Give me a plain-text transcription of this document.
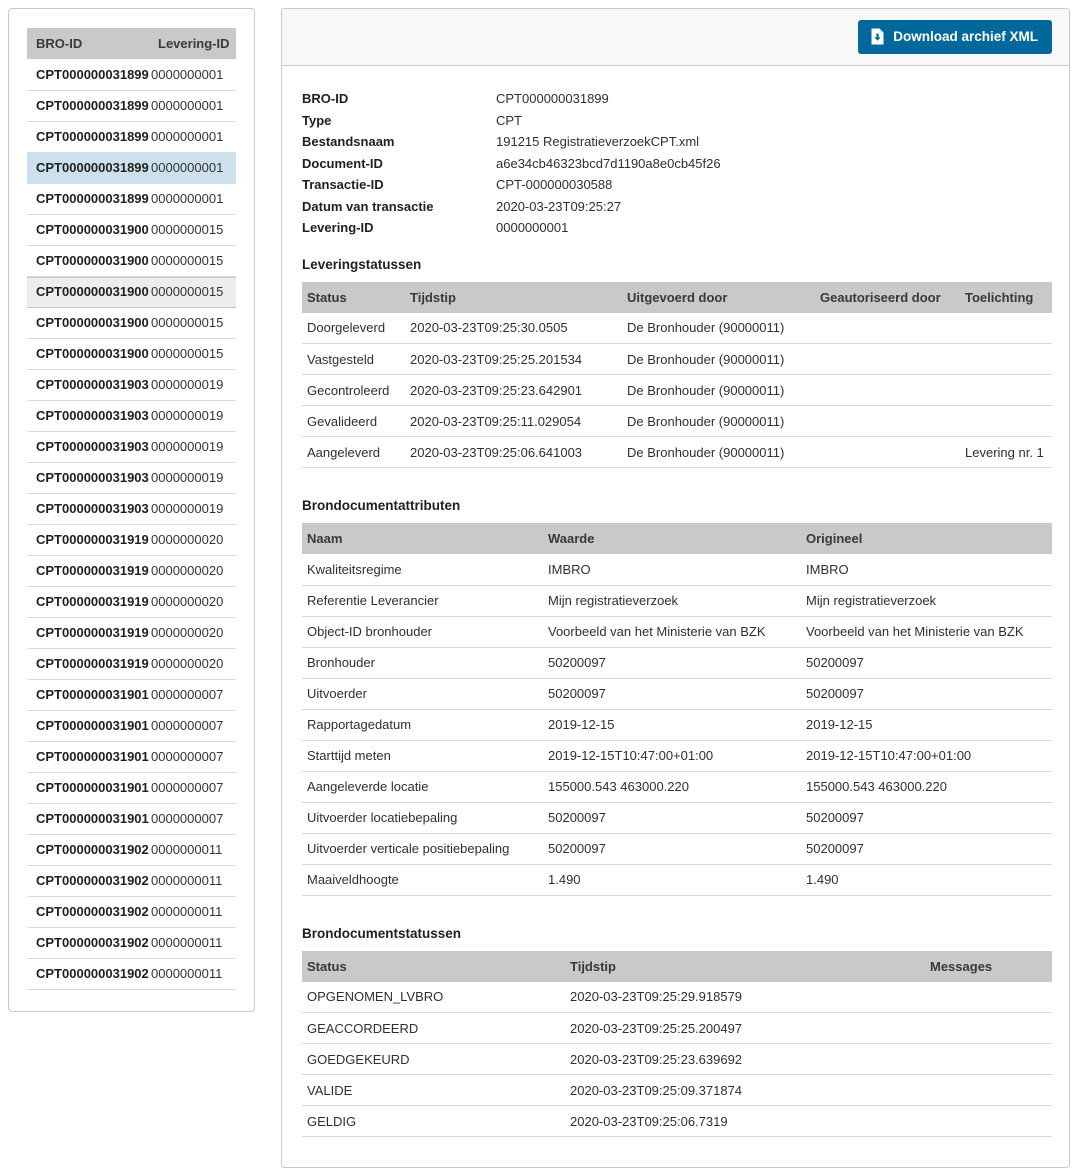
BRO-ID	Levering-ID
CPT000000031899	0000000001
CPT000000031899	0000000001
CPT000000031899	0000000001
CPT000000031899	0000000001
CPT000000031899	0000000001
CPT000000031900	0000000015
CPT000000031900	0000000015
CPT000000031900	0000000015
CPT000000031900	0000000015
CPT000000031900	0000000015
CPT000000031903	0000000019
CPT000000031903	0000000019
CPT000000031903	0000000019
CPT000000031903	0000000019
CPT000000031903	0000000019
CPT000000031919	0000000020
CPT000000031919	0000000020
CPT000000031919	0000000020
CPT000000031919	0000000020
CPT000000031919	0000000020
CPT000000031901	0000000007
CPT000000031901	0000000007
CPT000000031901	0000000007
CPT000000031901	0000000007
CPT000000031901	0000000007
CPT000000031902	0000000011
CPT000000031902	0000000011
CPT000000031902	0000000011
CPT000000031902	0000000011
CPT000000031902	0000000011
Download archief XML
BRO-ID	CPT000000031899
Type	CPT
Bestandsnaam	191215 RegistratieverzoekCPT.xml
Document-ID	a6e34cb46323bcd7d1190a8e0cb45f26
Transactie-ID	CPT-000000030588
Datum van transactie	2020-03-23T09:25:27
Levering-ID	0000000001
Leveringstatussen
Status	Tijdstip	Uitgevoerd door	Geautoriseerd door	Toelichting
Doorgeleverd	2020-03-23T09:25:30.0505	De Bronhouder (90000011)		
Vastgesteld	2020-03-23T09:25:25.201534	De Bronhouder (90000011)		
Gecontroleerd	2020-03-23T09:25:23.642901	De Bronhouder (90000011)		
Gevalideerd	2020-03-23T09:25:11.029054	De Bronhouder (90000011)		
Aangeleverd	2020-03-23T09:25:06.641003	De Bronhouder (90000011)		Levering nr. 1
Brondocumentattributen
Naam	Waarde	Origineel
Kwaliteitsregime	IMBRO	IMBRO
Referentie Leverancier	Mijn registratieverzoek	Mijn registratieverzoek
Object-ID bronhouder	Voorbeeld van het Ministerie van BZK	Voorbeeld van het Ministerie van BZK
Bronhouder	50200097	50200097
Uitvoerder	50200097	50200097
Rapportagedatum	2019-12-15	2019-12-15
Starttijd meten	2019-12-15T10:47:00+01:00	2019-12-15T10:47:00+01:00
Aangeleverde locatie	155000.543 463000.220	155000.543 463000.220
Uitvoerder locatiebepaling	50200097	50200097
Uitvoerder verticale positiebepaling	50200097	50200097
Maaiveldhoogte	1.490	1.490
Brondocumentstatussen
Status	Tijdstip	Messages
OPGENOMEN_LVBRO	2020-03-23T09:25:29.918579	
GEACCORDEERD	2020-03-23T09:25:25.200497	
GOEDGEKEURD	2020-03-23T09:25:23.639692	
VALIDE	2020-03-23T09:25:09.371874	
GELDIG	2020-03-23T09:25:06.7319	
